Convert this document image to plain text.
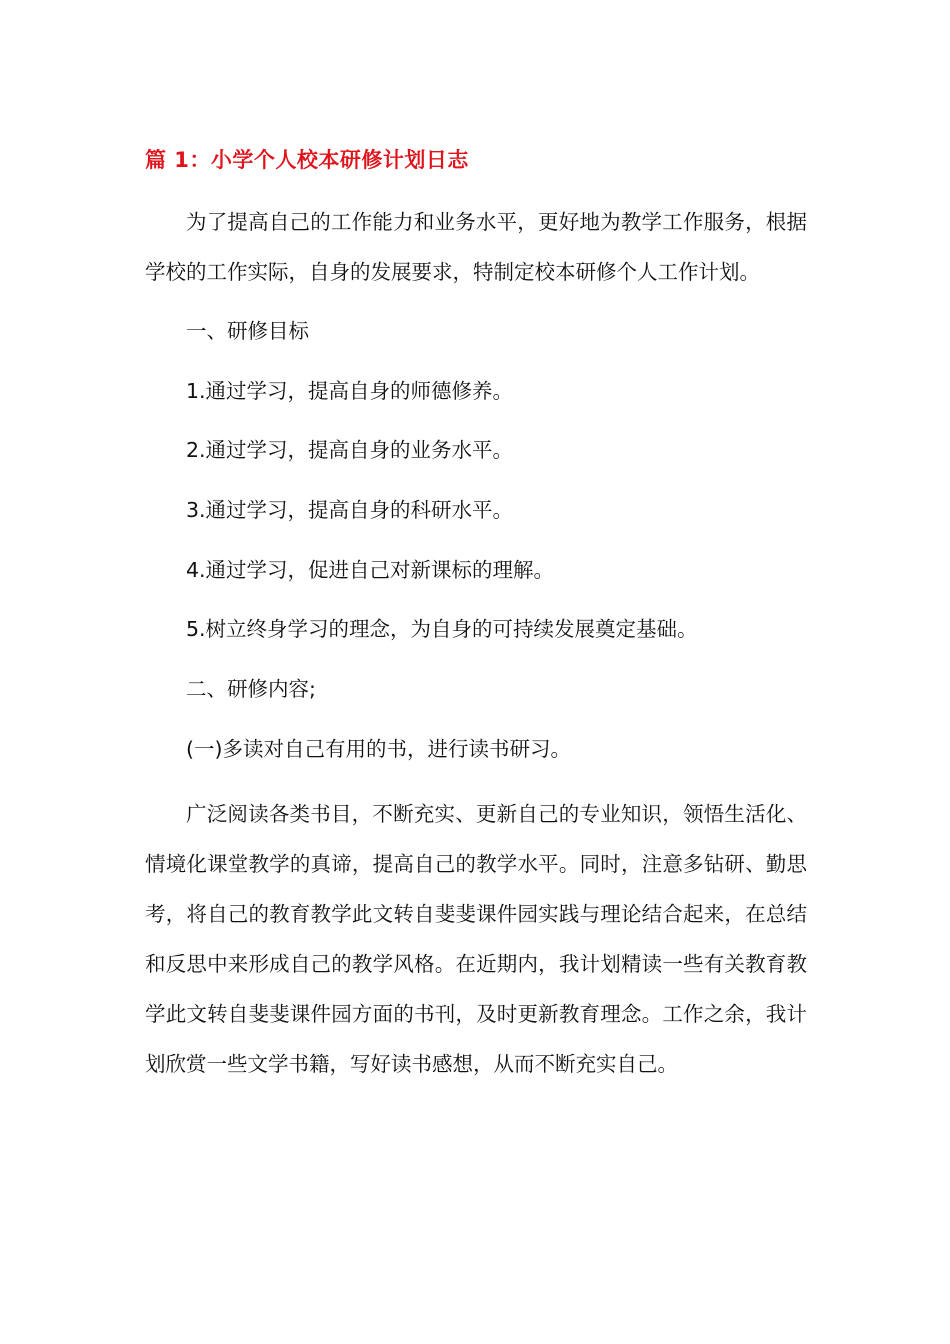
篇 1：小学个人校本研修计划日志

为了提高自己的工作能力和业务水平，更好地为教学工作服务，根据学校的工作实际，自身的发展要求，特制定校本研修个人工作计划。

一、研修目标

1.通过学习，提高自身的师德修养。

2.通过学习，提高自身的业务水平。

3.通过学习，提高自身的科研水平。

4.通过学习，促进自己对新课标的理解。

5.树立终身学习的理念，为自身的可持续发展奠定基础。

二、研修内容;

(一)多读对自己有用的书，进行读书研习。

广泛阅读各类书目，不断充实、更新自己的专业知识，领悟生活化、情境化课堂教学的真谛，提高自己的教学水平。同时，注意多钻研、勤思考，将自己的教育教学此文转自斐斐课件园实践与理论结合起来，在总结和反思中来形成自己的教学风格。在近期内，我计划精读一些有关教育教学此文转自斐斐课件园方面的书刊，及时更新教育理念。工作之余，我计划欣赏一些文学书籍，写好读书感想，从而不断充实自己。
